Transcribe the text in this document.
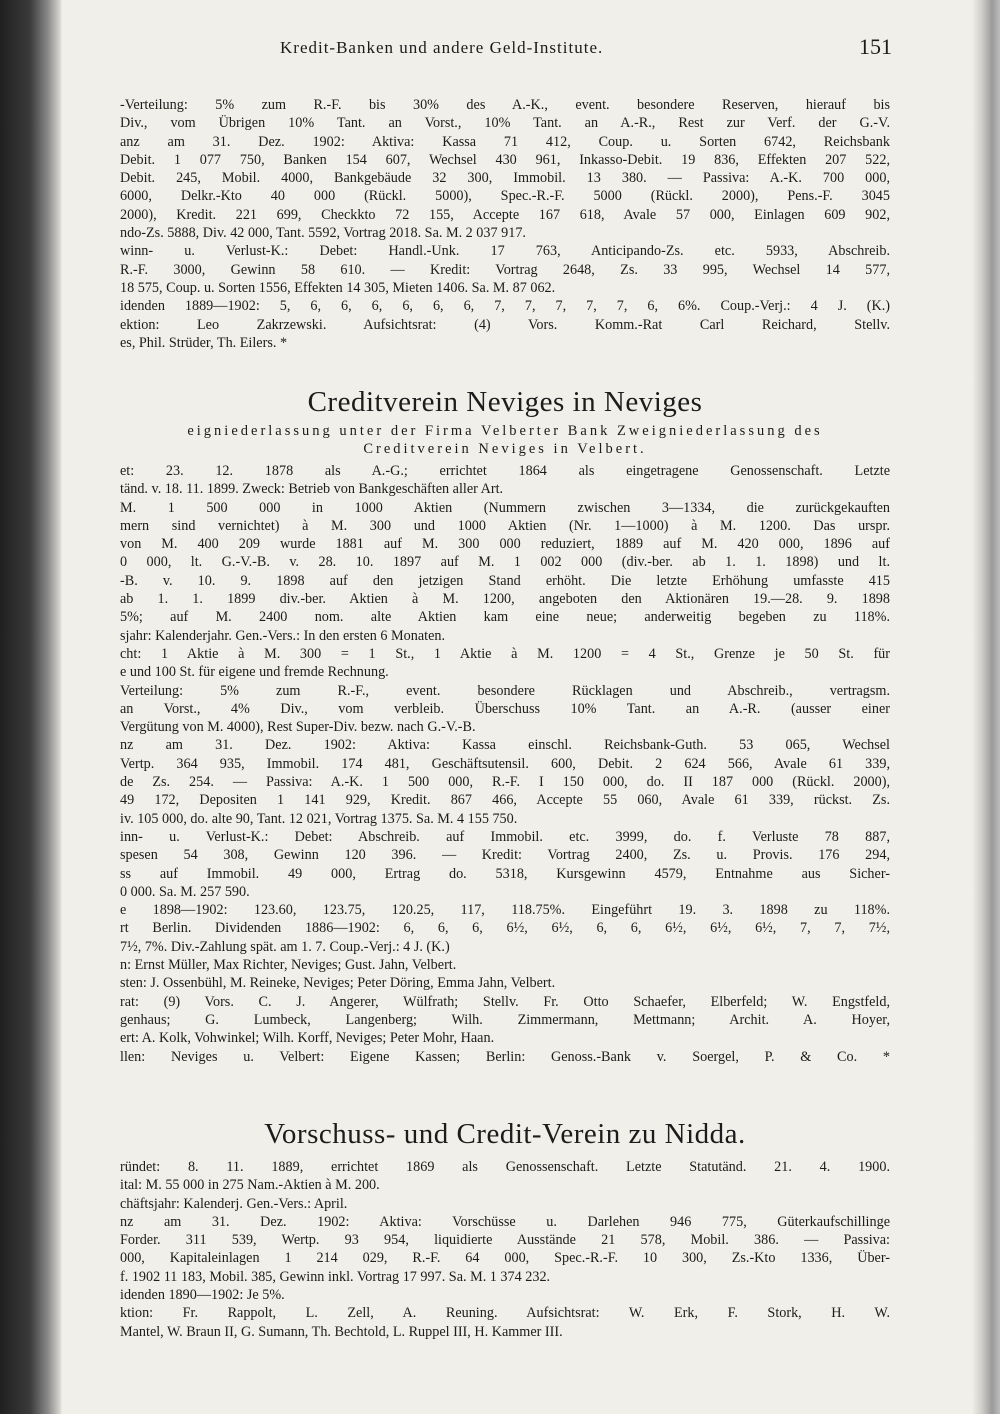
Kredit-Banken und andere Geld-Institute.	151
-Verteilung: 5% zum R.-F. bis 30% des A.-K., event. besondere Reserven, hierauf bis
Div., vom Übrigen 10% Tant. an Vorst., 10% Tant. an A.-R., Rest zur Verf. der G.-V.
anz am 31. Dez. 1902: Aktiva: Kassa 71 412, Coup. u. Sorten 6742, Reichsbank
Debit. 1 077 750, Banken 154 607, Wechsel 430 961, Inkasso-Debit. 19 836, Effekten 207 522,
Debit. 245, Mobil. 4000, Bankgebäude 32 300, Immobil. 13 380. — Passiva: A.-K. 700 000,
6000, Delkr.-Kto 40 000 (Rückl. 5000), Spec.-R.-F. 5000 (Rückl. 2000), Pens.-F. 3045
2000), Kredit. 221 699, Checkkto 72 155, Accepte 167 618, Avale 57 000, Einlagen 609 902,
ndo-Zs. 5888, Div. 42 000, Tant. 5592, Vortrag 2018. Sa. M. 2 037 917.
winn- u. Verlust-K.: Debet: Handl.-Unk. 17 763, Anticipando-Zs. etc. 5933, Abschreib.
R.-F. 3000, Gewinn 58 610. — Kredit: Vortrag 2648, Zs. 33 995, Wechsel 14 577,
18 575, Coup. u. Sorten 1556, Effekten 14 305, Mieten 1406. Sa. M. 87 062.
idenden 1889—1902: 5, 6, 6, 6, 6, 6, 6, 7, 7, 7, 7, 7, 6, 6%. Coup.-Verj.: 4 J. (K.)
ektion: Leo Zakrzewski. Aufsichtsrat: (4) Vors. Komm.-Rat Carl Reichard, Stellv.
es, Phil. Strüder, Th. Eilers. *
Creditverein Neviges in Neviges
eigniederlassung unter der Firma Velberter Bank Zweigniederlassung des Creditverein Neviges in Velbert.
et: 23. 12. 1878 als A.-G.; errichtet 1864 als eingetragene Genossenschaft. Letzte
tänd. v. 18. 11. 1899. Zweck: Betrieb von Bankgeschäften aller Art.
M. 1 500 000 in 1000 Aktien (Nummern zwischen 3—1334, die zurückgekauften
mern sind vernichtet) à M. 300 und 1000 Aktien (Nr. 1—1000) à M. 1200. Das urspr.
von M. 400 209 wurde 1881 auf M. 300 000 reduziert, 1889 auf M. 420 000, 1896 auf
0 000, lt. G.-V.-B. v. 28. 10. 1897 auf M. 1 002 000 (div.-ber. ab 1. 1. 1898) und lt.
-B. v. 10. 9. 1898 auf den jetzigen Stand erhöht. Die letzte Erhöhung umfasste 415
ab 1. 1. 1899 div.-ber. Aktien à M. 1200, angeboten den Aktionären 19.—28. 9. 1898
5%; auf M. 2400 nom. alte Aktien kam eine neue; anderweitig begeben zu 118%.
sjahr: Kalenderjahr. Gen.-Vers.: In den ersten 6 Monaten.
cht: 1 Aktie à M. 300 = 1 St., 1 Aktie à M. 1200 = 4 St., Grenze je 50 St. für
e und 100 St. für eigene und fremde Rechnung.
Verteilung: 5% zum R.-F., event. besondere Rücklagen und Abschreib., vertragsm.
an Vorst., 4% Div., vom verbleib. Überschuss 10% Tant. an A.-R. (ausser einer
Vergütung von M. 4000), Rest Super-Div. bezw. nach G.-V.-B.
nz am 31. Dez. 1902: Aktiva: Kassa einschl. Reichsbank-Guth. 53 065, Wechsel
Vertp. 364 935, Immobil. 174 481, Geschäftsutensil. 600, Debit. 2 624 566, Avale 61 339,
de Zs. 254. — Passiva: A.-K. 1 500 000, R.-F. I 150 000, do. II 187 000 (Rückl. 2000),
49 172, Depositen 1 141 929, Kredit. 867 466, Accepte 55 060, Avale 61 339, rückst. Zs.
iv. 105 000, do. alte 90, Tant. 12 021, Vortrag 1375. Sa. M. 4 155 750.
inn- u. Verlust-K.: Debet: Abschreib. auf Immobil. etc. 3999, do. f. Verluste 78 887,
spesen 54 308, Gewinn 120 396. — Kredit: Vortrag 2400, Zs. u. Provis. 176 294,
ss auf Immobil. 49 000, Ertrag do. 5318, Kursgewinn 4579, Entnahme aus Sicher-
0 000. Sa. M. 257 590.
e 1898—1902: 123.60, 123.75, 120.25, 117, 118.75%. Eingeführt 19. 3. 1898 zu 118%.
rt Berlin. Dividenden 1886—1902: 6, 6, 6, 6½, 6½, 6, 6, 6½, 6½, 6½, 7, 7, 7½,
7½, 7%. Div.-Zahlung spät. am 1. 7. Coup.-Verj.: 4 J. (K.)
n: Ernst Müller, Max Richter, Neviges; Gust. Jahn, Velbert.
sten: J. Ossenbühl, M. Reineke, Neviges; Peter Döring, Emma Jahn, Velbert.
rat: (9) Vors. C. J. Angerer, Wülfrath; Stellv. Fr. Otto Schaefer, Elberfeld; W. Engstfeld,
genhaus; G. Lumbeck, Langenberg; Wilh. Zimmermann, Mettmann; Archit. A. Hoyer,
ert: A. Kolk, Vohwinkel; Wilh. Korff, Neviges; Peter Mohr, Haan.
llen: Neviges u. Velbert: Eigene Kassen; Berlin: Genoss.-Bank v. Soergel, P. & Co. *
Vorschuss- und Credit-Verein zu Nidda.
ründet: 8. 11. 1889, errichtet 1869 als Genossenschaft. Letzte Statutänd. 21. 4. 1900.
ital: M. 55 000 in 275 Nam.-Aktien à M. 200.
chäftsjahr: Kalenderj. Gen.-Vers.: April.
nz am 31. Dez. 1902: Aktiva: Vorschüsse u. Darlehen 946 775, Güterkaufschillinge
Forder. 311 539, Wertp. 93 954, liquidierte Ausstände 21 578, Mobil. 386. — Passiva:
000, Kapitaleinlagen 1 214 029, R.-F. 64 000, Spec.-R.-F. 10 300, Zs.-Kto 1336, Über-
f. 1902 11 183, Mobil. 385, Gewinn inkl. Vortrag 17 997. Sa. M. 1 374 232.
idenden 1890—1902: Je 5%.
ktion: Fr. Rappolt, L. Zell, A. Reuning. Aufsichtsrat: W. Erk, F. Stork, H. W.
Mantel, W. Braun II, G. Sumann, Th. Bechtold, L. Ruppel III, H. Kammer III.
